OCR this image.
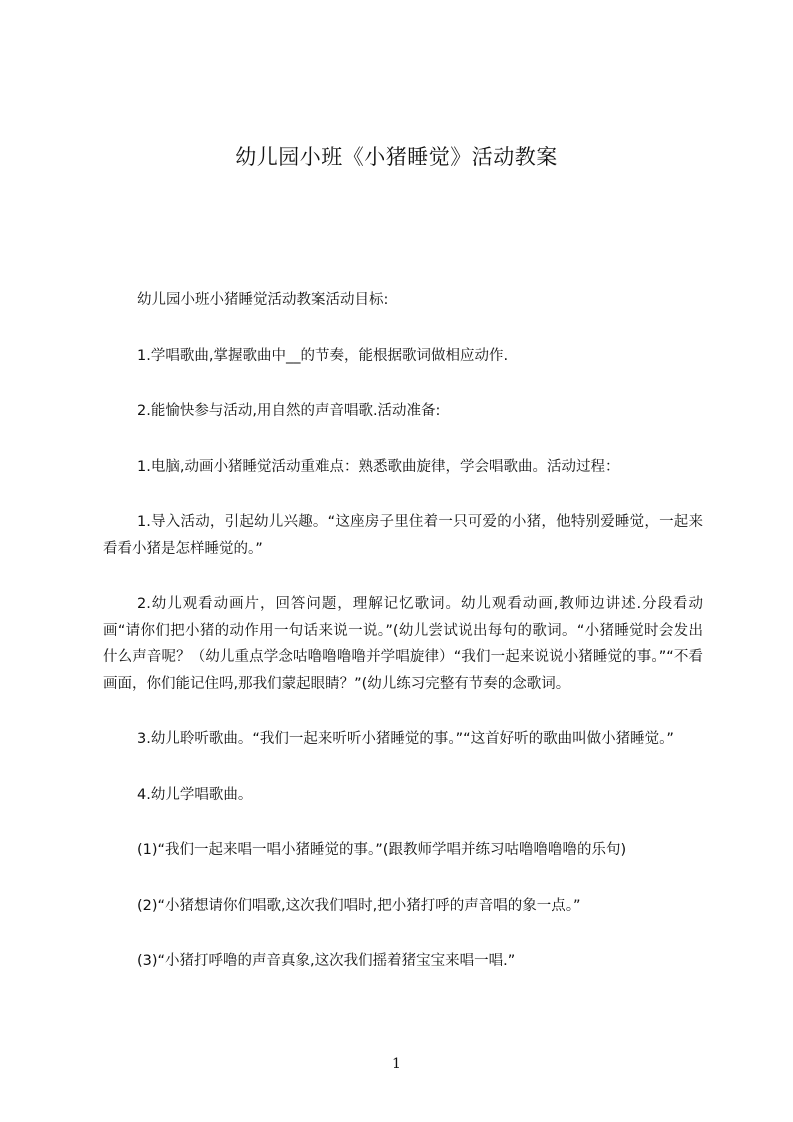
幼儿园小班《小猪睡觉》活动教案

幼儿园小班小猪睡觉活动教案活动目标:

1.学唱歌曲,掌握歌曲中__的节奏，能根据歌词做相应动作.

2.能愉快参与活动,用自然的声音唱歌.活动准备:

1.电脑,动画小猪睡觉活动重难点：熟悉歌曲旋律，学会唱歌曲。活动过程：

1.导入活动，引起幼儿兴趣。“这座房子里住着一只可爱的小猪，他特别爱睡觉，一起来看看小猪是怎样睡觉的。”

2.幼儿观看动画片，回答问题，理解记忆歌词。幼儿观看动画,教师边讲述.分段看动画“请你们把小猪的动作用一句话来说一说。”(幼儿尝试说出每句的歌词。“小猪睡觉时会发出什么声音呢？（幼儿重点学念咕噜噜噜噜并学唱旋律）“我们一起来说说小猪睡觉的事。”“不看画面，你们能记住吗,那我们蒙起眼睛？”(幼儿练习完整有节奏的念歌词。

3.幼儿聆听歌曲。“我们一起来听听小猪睡觉的事。”“这首好听的歌曲叫做小猪睡觉。”

4.幼儿学唱歌曲。

(1)“我们一起来唱一唱小猪睡觉的事。”(跟教师学唱并练习咕噜噜噜噜的乐句)

(2)“小猪想请你们唱歌,这次我们唱时,把小猪打呼的声音唱的象一点。”

(3)“小猪打呼噜的声音真象,这次我们摇着猪宝宝来唱一唱.”

1
